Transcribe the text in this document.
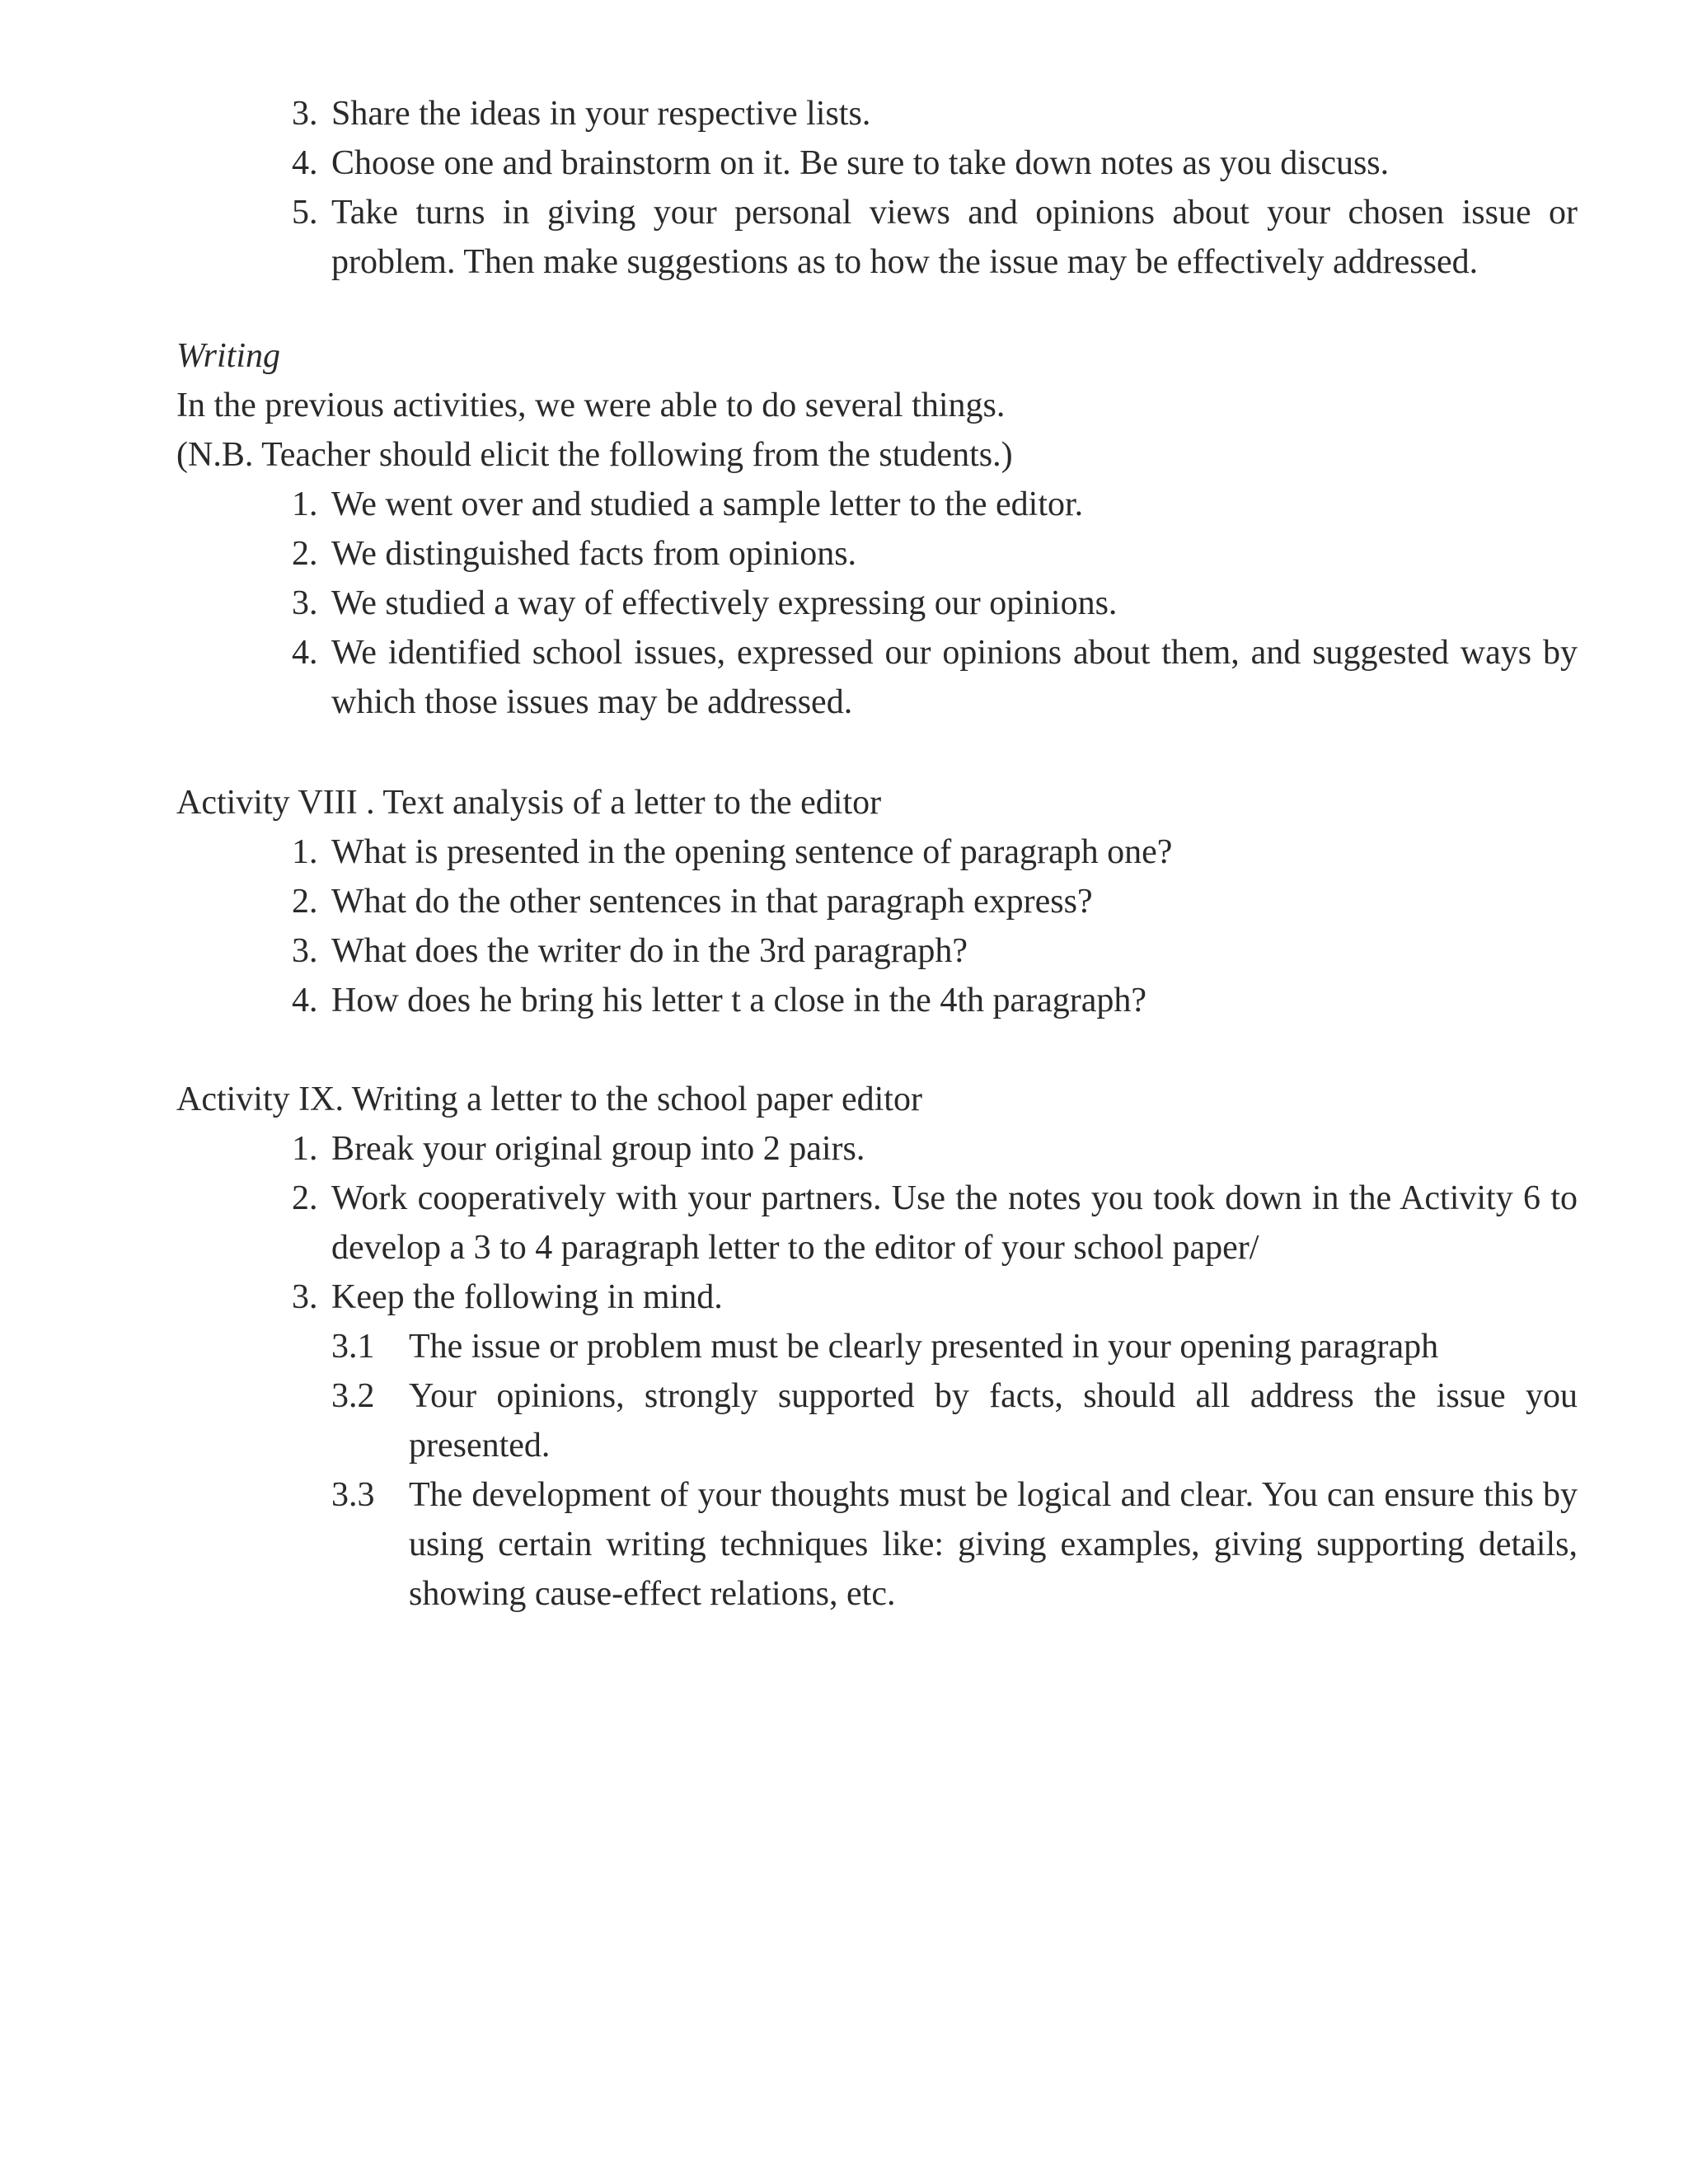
3. Share the ideas in your respective lists.
4. Choose one and brainstorm on it. Be sure to take down notes as you discuss.
5. Take turns in giving your personal views and opinions about your chosen issue or problem. Then make suggestions as to how the issue may be effectively addressed.
Writing
In the previous activities, we were able to do several things.
(N.B. Teacher should elicit the following from the students.)
1. We went over and studied a sample letter to the editor.
2. We distinguished facts from opinions.
3. We studied a way of effectively expressing our opinions.
4. We identified school issues, expressed our opinions about them, and suggested ways by which those issues may be addressed.
Activity VIII . Text analysis of a letter to the editor
1. What is presented in the opening sentence of paragraph one?
2. What do the other sentences in that paragraph express?
3. What does the writer do in the 3rd paragraph?
4. How does he bring his letter t a close in the 4th paragraph?
Activity IX. Writing a letter to the school paper editor
1. Break your original group into 2 pairs.
2. Work cooperatively with your partners. Use the notes you took down in the Activity 6 to develop a 3 to 4 paragraph letter to the editor of your school paper/
3. Keep the following in mind.
3.1 The issue or problem must be clearly presented in your opening paragraph
3.2 Your opinions, strongly supported by facts, should all address the issue you presented.
3.3 The development of your thoughts must be logical and clear. You can ensure this by using certain writing techniques like: giving examples, giving supporting details, showing cause-effect relations, etc.
